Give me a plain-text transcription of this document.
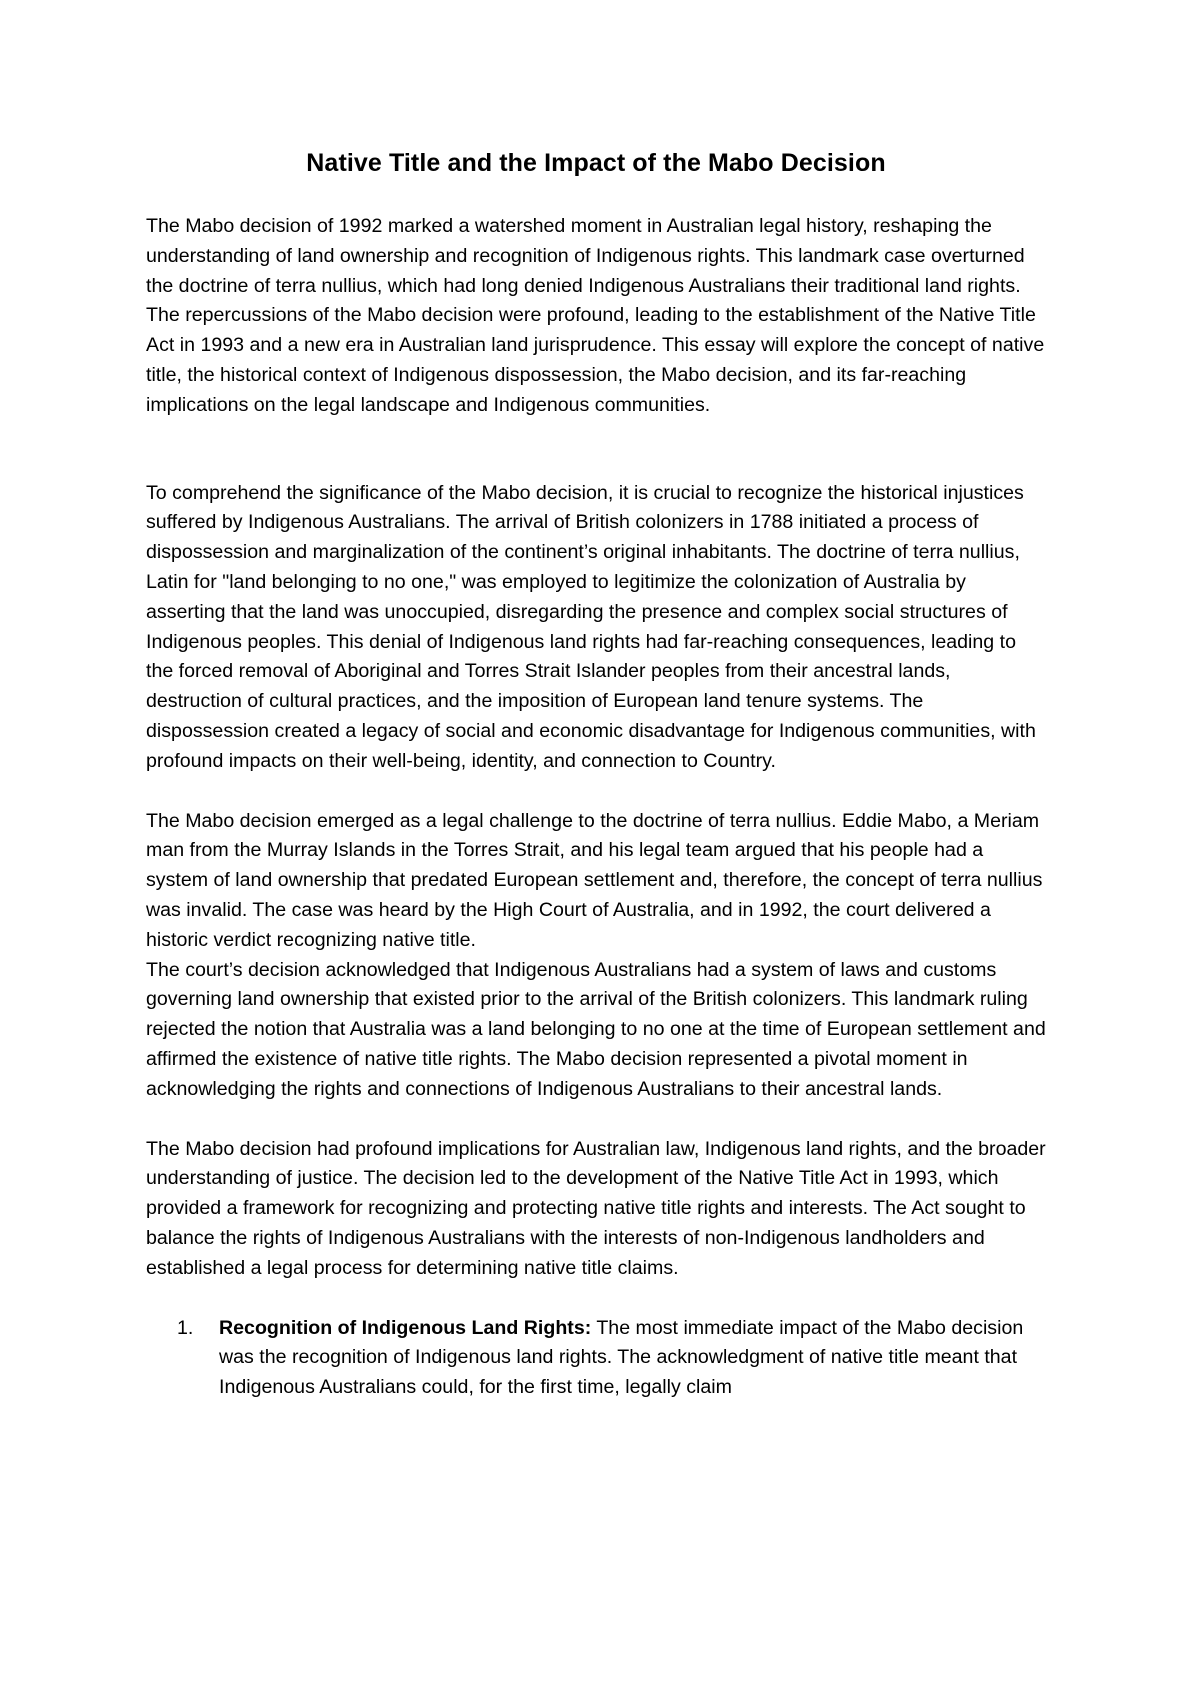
Native Title and the Impact of the Mabo Decision

The Mabo decision of 1992 marked a watershed moment in Australian legal history, reshaping the understanding of land ownership and recognition of Indigenous rights. This landmark case overturned the doctrine of terra nullius, which had long denied Indigenous Australians their traditional land rights. The repercussions of the Mabo decision were profound, leading to the establishment of the Native Title Act in 1993 and a new era in Australian land jurisprudence. This essay will explore the concept of native title, the historical context of Indigenous dispossession, the Mabo decision, and its far-reaching implications on the legal landscape and Indigenous communities.

To comprehend the significance of the Mabo decision, it is crucial to recognize the historical injustices suffered by Indigenous Australians. The arrival of British colonizers in 1788 initiated a process of dispossession and marginalization of the continent’s original inhabitants. The doctrine of terra nullius, Latin for "land belonging to no one," was employed to legitimize the colonization of Australia by asserting that the land was unoccupied, disregarding the presence and complex social structures of Indigenous peoples. This denial of Indigenous land rights had far-reaching consequences, leading to the forced removal of Aboriginal and Torres Strait Islander peoples from their ancestral lands, destruction of cultural practices, and the imposition of European land tenure systems. The dispossession created a legacy of social and economic disadvantage for Indigenous communities, with profound impacts on their well-being, identity, and connection to Country.

The Mabo decision emerged as a legal challenge to the doctrine of terra nullius. Eddie Mabo, a Meriam man from the Murray Islands in the Torres Strait, and his legal team argued that his people had a system of land ownership that predated European settlement and, therefore, the concept of terra nullius was invalid. The case was heard by the High Court of Australia, and in 1992, the court delivered a historic verdict recognizing native title.

The court’s decision acknowledged that Indigenous Australians had a system of laws and customs governing land ownership that existed prior to the arrival of the British colonizers. This landmark ruling rejected the notion that Australia was a land belonging to no one at the time of European settlement and affirmed the existence of native title rights. The Mabo decision represented a pivotal moment in acknowledging the rights and connections of Indigenous Australians to their ancestral lands.

The Mabo decision had profound implications for Australian law, Indigenous land rights, and the broader understanding of justice. The decision led to the development of the Native Title Act in 1993, which provided a framework for recognizing and protecting native title rights and interests. The Act sought to balance the rights of Indigenous Australians with the interests of non-Indigenous landholders and established a legal process for determining native title claims.

1. Recognition of Indigenous Land Rights: The most immediate impact of the Mabo decision was the recognition of Indigenous land rights. The acknowledgment of native title meant that Indigenous Australians could, for the first time, legally claim
